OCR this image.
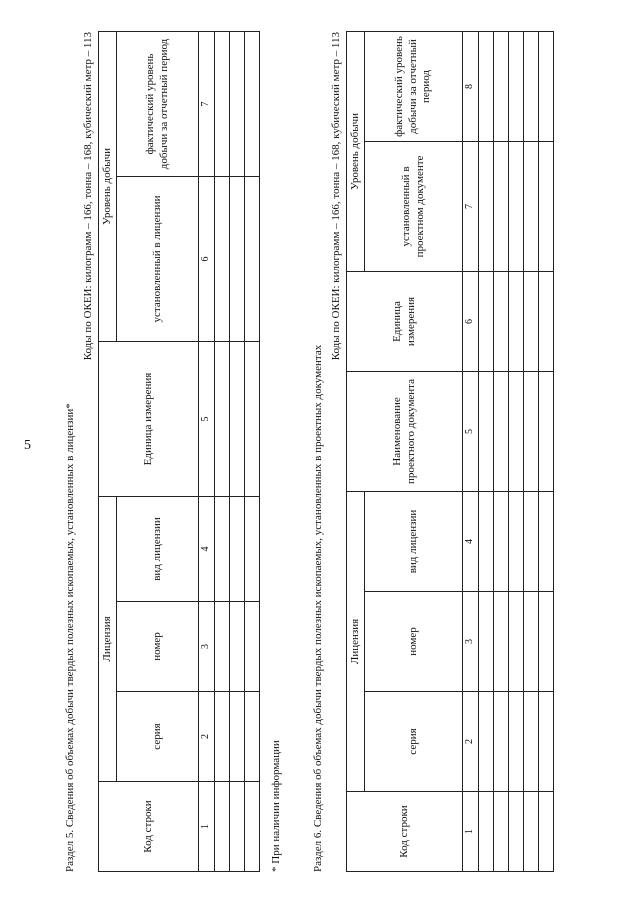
5	Раздел 5. Сведения об объемах добычи твердых полезных ископаемых, установленных в лицензии*
Коды по ОКЕИ: килограмм – 166, тонна – 168, кубический метр – 113
Код строки	Лицензия			Единица измерения	Уровень добычи	
	серия	номер	вид лицензии		установленный в лицензии	фактический уровень добычи за отчетный период
1	2	3	4	5	6	7

* При наличии информации	Раздел 6. Сведения об объемах добычи твердых полезных ископаемых, установленных в проектных документах
Коды по ОКЕИ: килограмм – 166, тонна – 168, кубический метр – 113
Код строки	Лицензия			Наименование проектного документа	Единица измерения	Уровень добычи	
	серия	номер	вид лицензии			установленный в проектном документе	фактический уровень добычи за отчетный период
1	2	3	4	5	6	7	8
